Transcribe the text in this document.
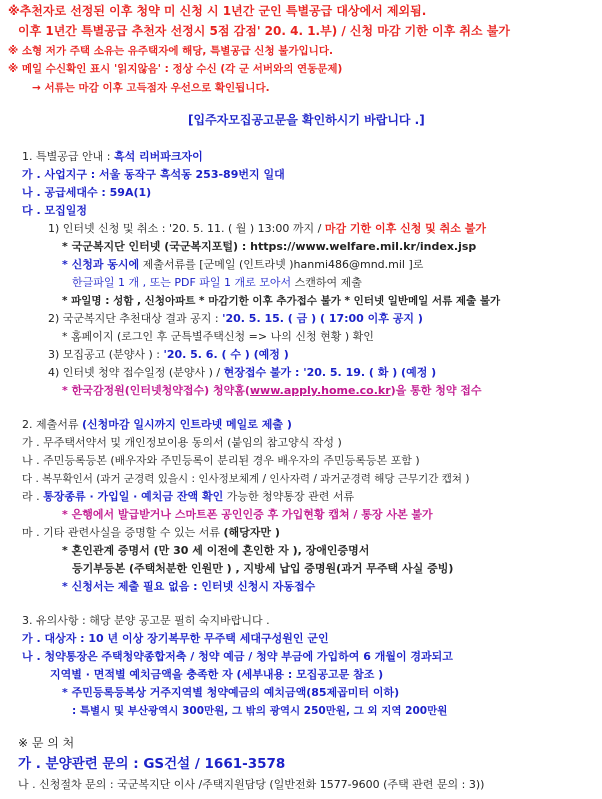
※추천자로 선정된 이후 청약 미 신청 시 1년간 군인 특별공급 대상에서 제외됨.
이후 1년간 특별공급 추천자 선정시 5점 감점' 20. 4. 1.부) / 신청 마감 기한 이후 취소 불가
※ 소형 저가 주택 소유는 유주택자에 해당, 특별공급 신청 불가입니다.
※ 메일 수신확인 표시 '읽지않음' : 정상 수신 (각 군 서버와의 연동문제)
→ 서류는 마감 이후 고득점자 우선으로 확인됩니다.
[입주자모집공고문을 확인하시기 바랍니다 .]
1. 특별공급 안내 : 흑석 리버파크자이
가 . 사업지구 : 서울 동작구 흑석동 253-89번지 일대
나 . 공급세대수 : 59A(1)
다 . 모집일정
1) 인터넷 신청 및 취소 : '20. 5. 11. ( 월 ) 13:00 까지 / 마감 기한 이후 신청 및 취소 불가
* 국군복지단 인터넷 (국군복지포털) : https://www.welfare.mil.kr/index.jsp
* 신청과 동시에 제출서류를 [군메일 (인트라넷 )hanmi486@mnd.mil ]로
한글파일 1 개 , 또는 PDF 파일 1 개로 모아서 스캔하여 제출
* 파일명 : 성함 , 신청아파트 * 마감기한 이후 추가접수 불가 * 인터넷 일반메일 서류 제출 불가
2) 국군복지단 추천대상 결과 공지 : '20. 5. 15. ( 금 ) ( 17:00 이후 공지 )
* 홈페이지 (로그인 후 군특별주택신청 => 나의 신청 현황 ) 확인
3) 모집공고 (분양사 ) : '20. 5. 6. ( 수 ) (예정 )
4) 인터넷 청약 접수일정 (분양사 ) / 현장접수 불가 : '20. 5. 19. ( 화 ) (예정 )
* 한국감정원(인터넷청약접수) 청약홈(www.apply.home.co.kr)을 통한 청약 접수
2. 제출서류 (신청마감 일시까지 인트라넷 메일로 제출 )
가 . 무주택서약서 및 개인정보이용 동의서 (붙임의 참고양식 작성 )
나 . 주민등록등본 (배우자와 주민등록이 분리된 경우 배우자의 주민등록등본 포함 )
다 . 복무확인서 (과거 군경력 있을시 : 인사정보체계 / 인사자력 / 과거군경력 해당 근무기간 캡쳐 )
라 . 통장종류 · 가입일 · 예치금 잔액 확인 가능한 청약통장 관련 서류
* 은행에서 발급받거나 스마트폰 공인인증 후 가입현황 캡쳐 / 통장 사본 불가
마 . 기타 관련사실을 증명할 수 있는 서류 (해당자만 )
* 혼인관계 증명서 (만 30 세 이전에 혼인한 자 ), 장애인증명서
등기부등본 (주택처분한 인원만 ) , 지방세 납입 증명원(과거 무주택 사실 증빙)
* 신청서는 제출 필요 없음 : 인터넷 신청시 자동접수
3. 유의사항 : 해당 분양 공고문 필히 숙지바랍니다 .
가 . 대상자 : 10 년 이상 장기복무한 무주택 세대구성원인 군인
나 . 청약통장은 주택청약종합저축 / 청약 예금 / 청약 부금에 가입하여 6 개월이 경과되고
지역별 · 면적별 예치금액을 충족한 자 (세부내용 : 모집공고문 참조 )
* 주민등록등복상 거주지역별 청약예금의 예치금액(85제곱미터 이하)
: 특별시 및 부산광역시 300만원, 그 밖의 광역시 250만원, 그 외 지역 200만원
※ 문 의 처
가 . 분양관련 문의 : GS건설 / 1661-3578
나 . 신청절차 문의 : 국군복지단 이사 /주택지원담당 (일반전화 1577-9600 (주택 관련 문의 : 3))
